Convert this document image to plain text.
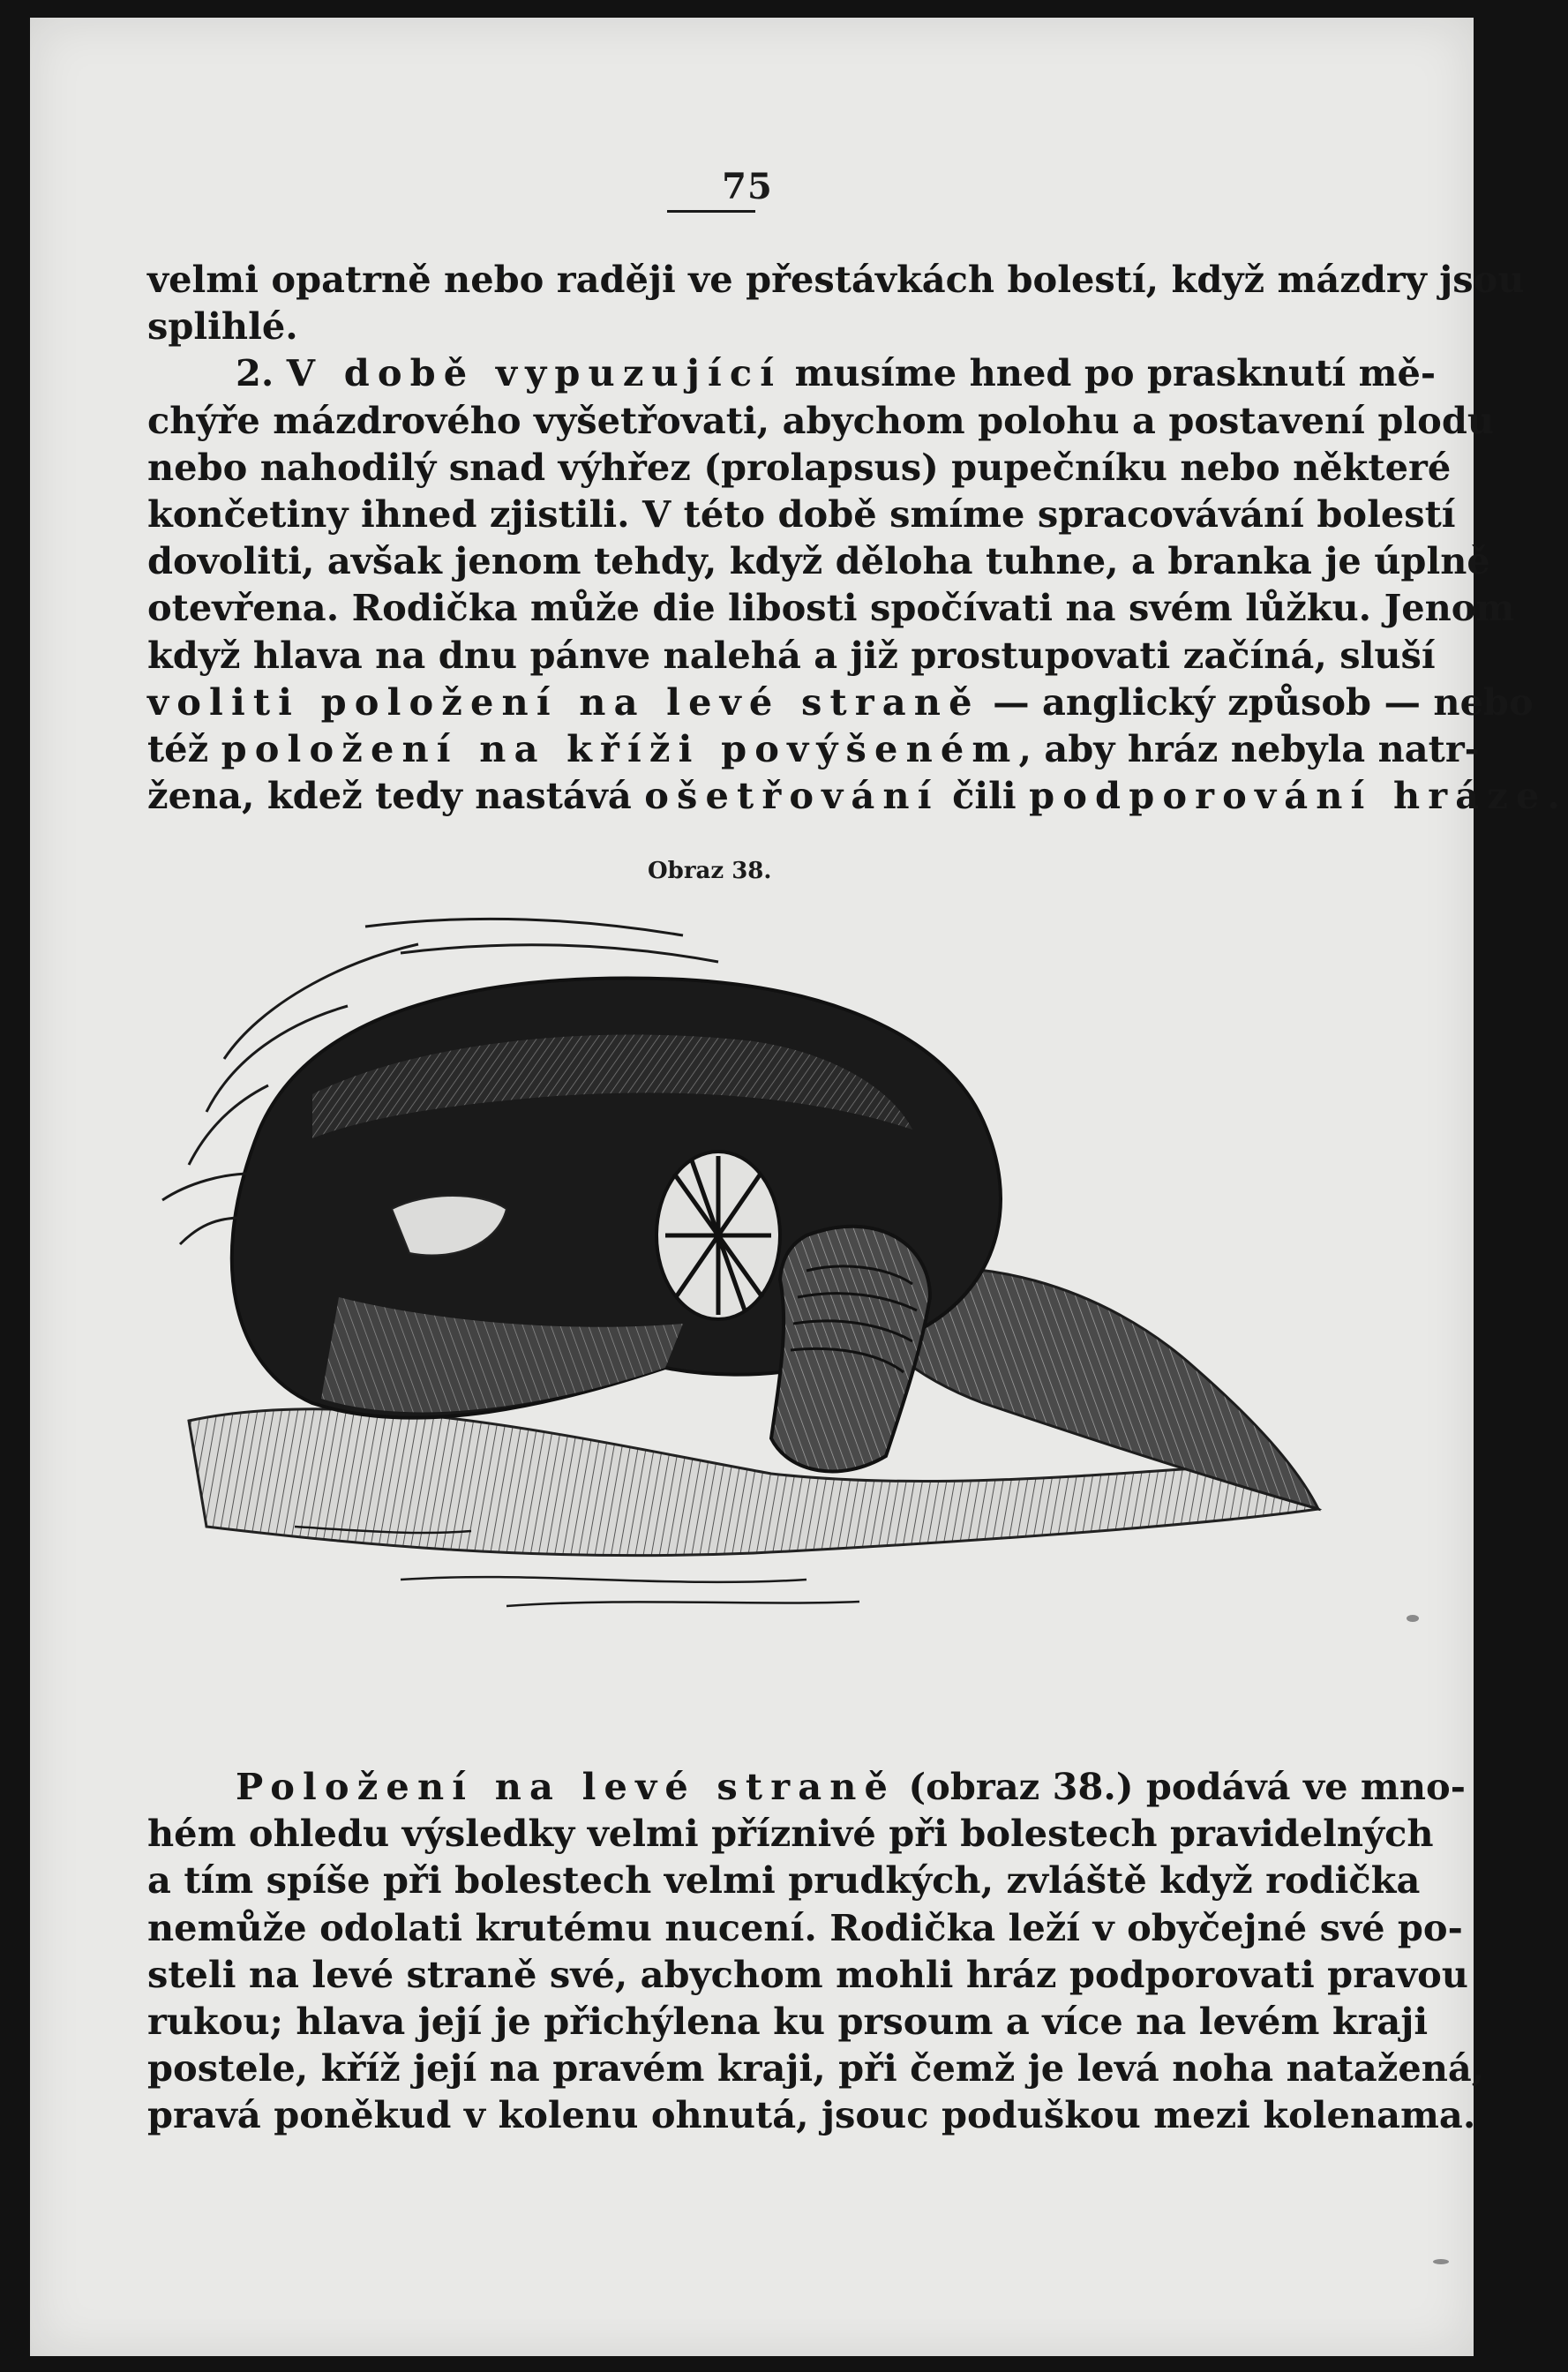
75
velmi opatrně nebo raději ve přestávkách bolestí, když mázdry jsou
splihlé.
2. V době vypuzující musíme hned po prasknutí mě-
chýře mázdrového vyšetřovati, abychom polohu a postavení plodu
nebo nahodilý snad výhřez (prolapsus) pupečníku nebo některé
končetiny ihned zjistili. V této době smíme spracovávání bolestí
dovoliti, avšak jenom tehdy, když děloha tuhne, a branka je úplně
otevřena. Rodička může die libosti spočívati na svém lůžku. Jenom
když hlava na dnu pánve nalehá a již prostupovati začíná, sluší
voliti položení na levé straně — anglický způsob — nebo
též položení na kříži povýšeném, aby hráz nebyla natr-
žena, kdež tedy nastává ošetřování čili podporování hráze.
Obraz 38.
Položení na levé straně (obraz 38.) podává ve mno-
hém ohledu výsledky velmi příznivé při bolestech pravidelných
a tím spíše při bolestech velmi prudkých, zvláště když rodička
nemůže odolati krutému nucení. Rodička leží v obyčejné své po-
steli na levé straně své, abychom mohli hráz podporovati pravou
rukou; hlava její je přichýlena ku prsoum a více na levém kraji
postele, kříž její na pravém kraji, při čemž je levá noha natažená,
pravá poněkud v kolenu ohnutá, jsouc poduškou mezi kolenama.
